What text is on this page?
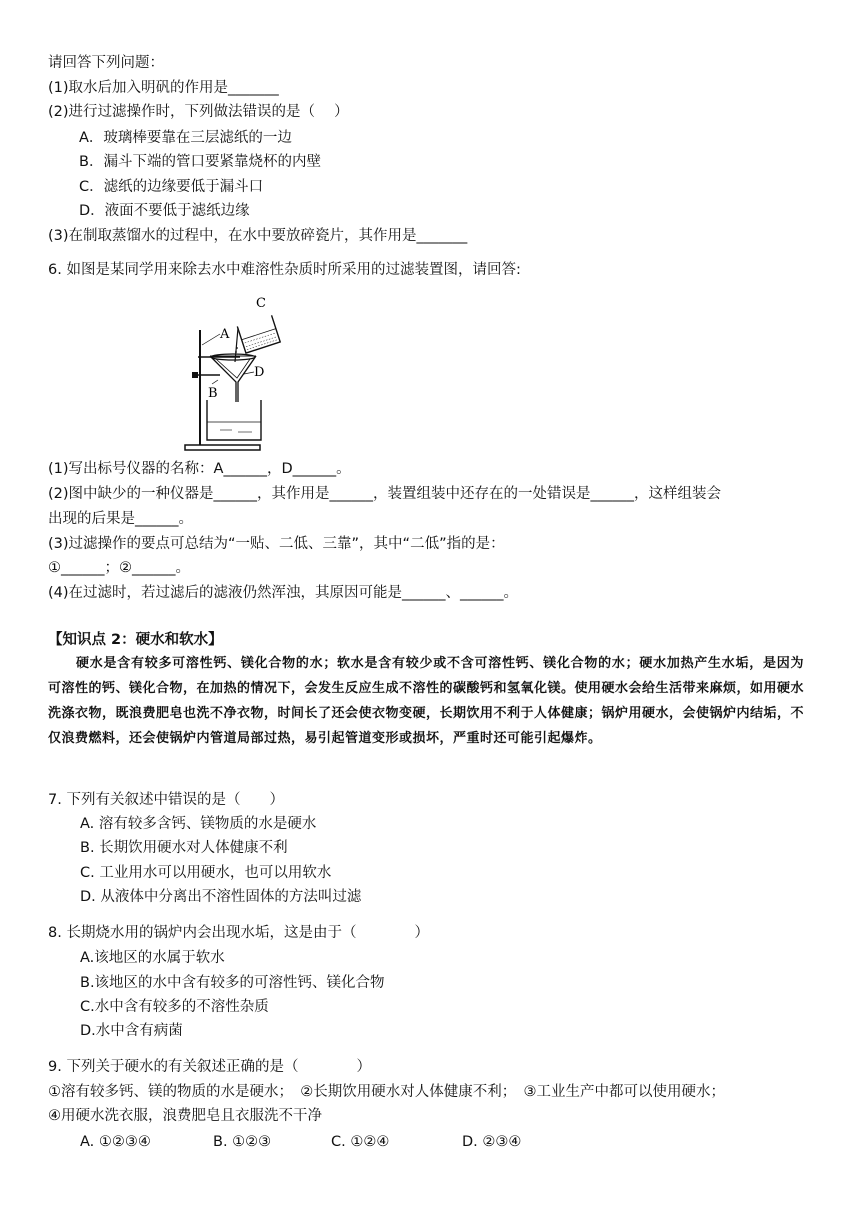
请回答下列问题：
(1)取水后加入明矾的作用是_______
(2)进行过滤操作时，下列做法错误的是（　 ）
A．玻璃棒要靠在三层滤纸的一边
B．漏斗下端的管口要紧靠烧杯的内壁
C．滤纸的边缘要低于漏斗口
D．液面不要低于滤纸边缘
(3)在制取蒸馏水的过程中，在水中要放碎瓷片，其作用是_______
6. 如图是某同学用来除去水中难溶性杂质时所采用的过滤装置图，请回答:
A
C
D
B
(1)写出标号仪器的名称：A______，D______。
(2)图中缺少的一种仪器是______，其作用是______，装置组装中还存在的一处错误是______，这样组装会
出现的后果是______。
(3)过滤操作的要点可总结为“一贴、二低、三靠”，其中“二低”指的是：
①______；②______。
(4)在过滤时，若过滤后的滤液仍然浑浊，其原因可能是______、______。
【知识点 2：硬水和软水】
硬水是含有较多可溶性钙、镁化合物的水；软水是含有较少或不含可溶性钙、镁化合物的水；硬水加热产生水垢，是因为可溶性的钙、镁化合物，在加热的情况下，会发生反应生成不溶性的碳酸钙和氢氧化镁。使用硬水会给生活带来麻烦，如用硬水洗涤衣物，既浪费肥皂也洗不净衣物，时间长了还会使衣物变硬，长期饮用不利于人体健康；锅炉用硬水，会使锅炉内结垢，不仅浪费燃料，还会使锅炉内管道局部过热，易引起管道变形或损坏，严重时还可能引起爆炸。
7. 下列有关叙述中错误的是（　　）
A. 溶有较多含钙、镁物质的水是硬水
B. 长期饮用硬水对人体健康不利
C. 工业用水可以用硬水，也可以用软水
D. 从液体中分离出不溶性固体的方法叫过滤
8. 长期烧水用的锅炉内会出现水垢，这是由于（　　　　）
A.该地区的水属于软水
B.该地区的水中含有较多的可溶性钙、镁化合物
C.水中含有较多的不溶性杂质
D.水中含有病菌
9. 下列关于硬水的有关叙述正确的是（　　　　）
①溶有较多钙、镁的物质的水是硬水；　②长期饮用硬水对人体健康不利；　③工业生产中都可以使用硬水；
④用硬水洗衣服，浪费肥皂且衣服洗不干净
A. ①②③④	B. ①②③	C. ①②④	D. ②③④
